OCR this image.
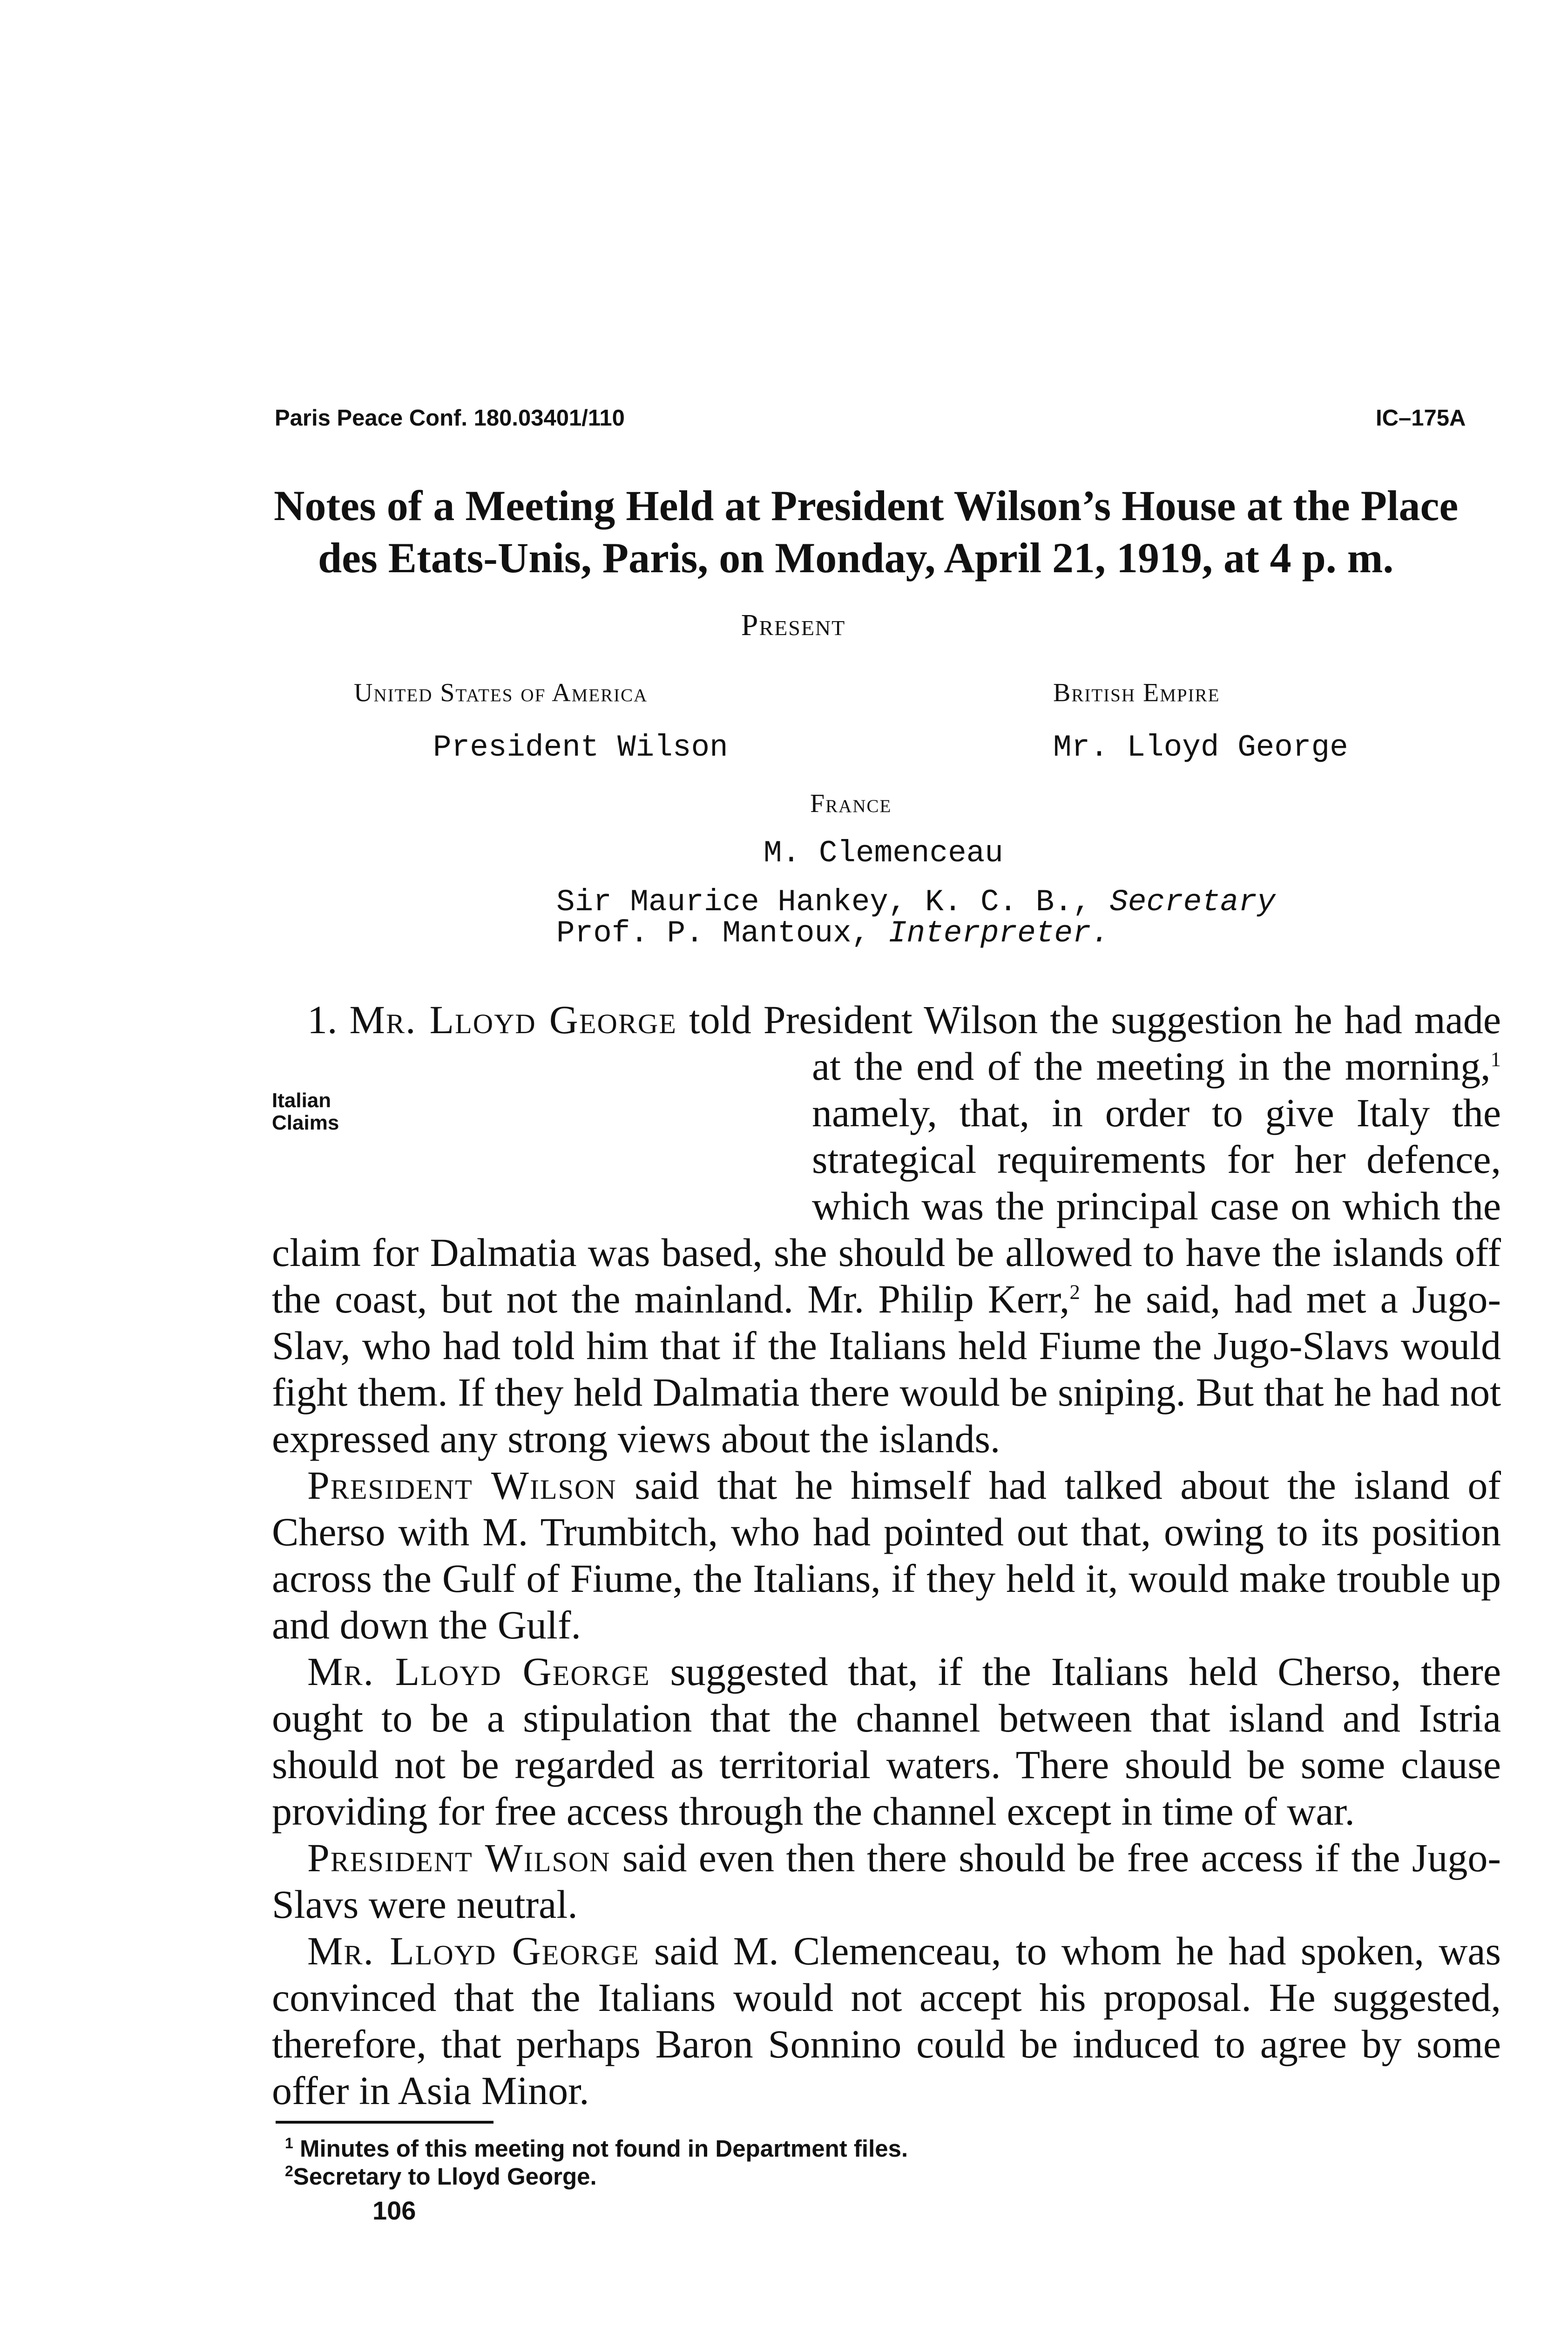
Paris Peace Conf. 180.03401/110	IC–175A
Notes of a Meeting Held at President Wilson’s House at the Place
des Etats-Unis, Paris, on Monday, April 21, 1919, at 4 p. m.
Present
United States of America
President Wilson
British Empire
Mr. Lloyd George
France
M. Clemenceau
Sir Maurice Hankey, K. C. B., Secretary
Prof. P. Mantoux, Interpreter.

1. Mr. Lloyd George told President Wilson the suggestion he had made at the end of the meeting in the morning,$^1$
Italian
Claims	namely, that, in order to give Italy the strategical requirements for her defence, which was the principal case on which the claim for Dalmatia was based, she should be allowed to have the islands off the coast, but not the mainland. Mr. Philip Kerr,$^2$ he said, had met a Jugo-Slav, who had told him that if the Italians held Fiume the Jugo-Slavs would fight them. If they held Dalmatia there would be sniping. But that he had not expressed any strong views about the islands.

President Wilson said that he himself had talked about the island of Cherso with M. Trumbitch, who had pointed out that, owing to its position across the Gulf of Fiume, the Italians, if they held it, would make trouble up and down the Gulf.

Mr. Lloyd George suggested that, if the Italians held Cherso, there ought to be a stipulation that the channel between that island and Istria should not be regarded as territorial waters. There should be some clause providing for free access through the channel except in time of war.

President Wilson said even then there should be free access if the Jugo-Slavs were neutral.

Mr. Lloyd George said M. Clemenceau, to whom he had spoken, was convinced that the Italians would not accept his proposal. He suggested, therefore, that perhaps Baron Sonnino could be induced to agree by some offer in Asia Minor.

$^1$ Minutes of this meeting not found in Department files.
$^2$Secretary to Lloyd George.
106
